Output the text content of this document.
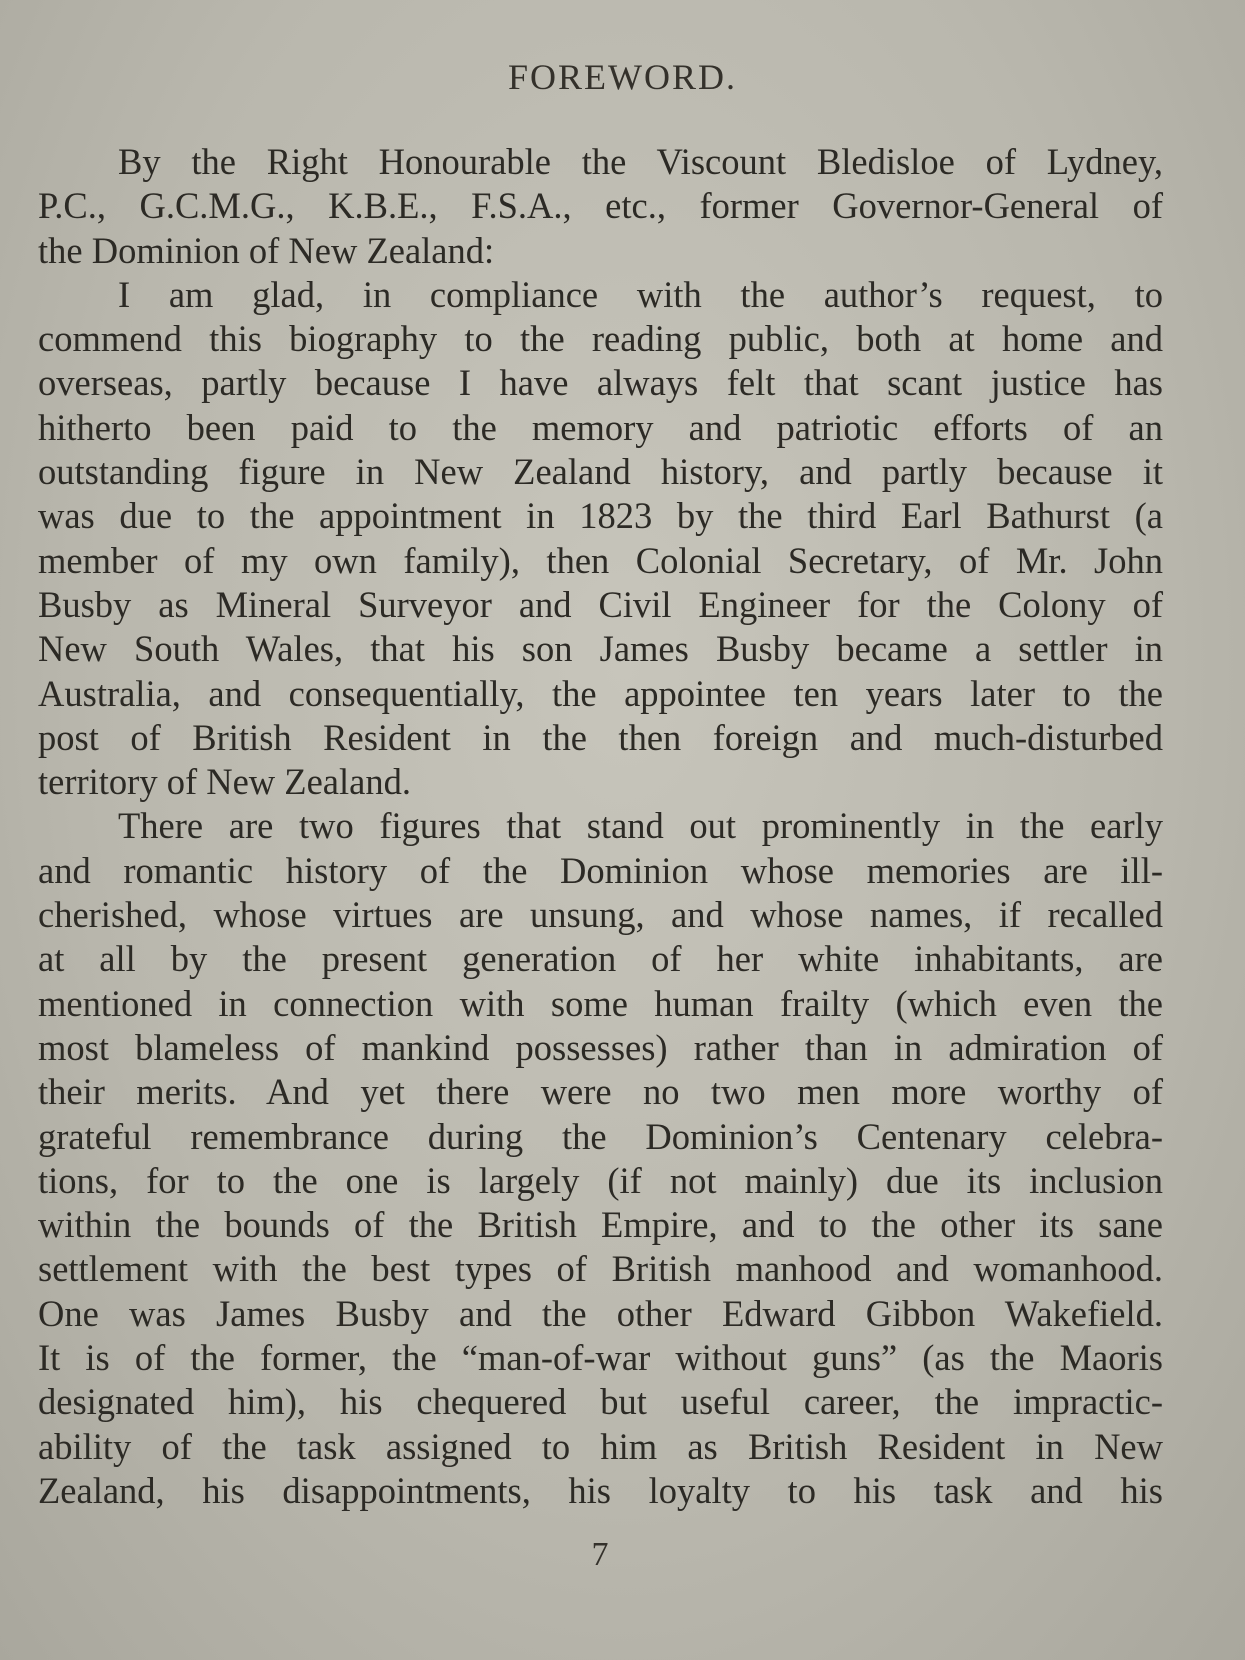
FOREWORD.
By the Right Honourable the Viscount Bledisloe of Lydney,
P.C., G.C.M.G., K.B.E., F.S.A., etc., former Governor-General of
the Dominion of New Zealand:
I am glad, in compliance with the author’s request, to
commend this biography to the reading public, both at home and
overseas, partly because I have always felt that scant justice has
hitherto been paid to the memory and patriotic efforts of an
outstanding figure in New Zealand history, and partly because it
was due to the appointment in 1823 by the third Earl Bathurst (a
member of my own family), then Colonial Secretary, of Mr. John
Busby as Mineral Surveyor and Civil Engineer for the Colony of
New South Wales, that his son James Busby became a settler in
Australia, and consequentially, the appointee ten years later to the
post of British Resident in the then foreign and much-disturbed
territory of New Zealand.
There are two figures that stand out prominently in the early
and romantic history of the Dominion whose memories are ill-
cherished, whose virtues are unsung, and whose names, if recalled
at all by the present generation of her white inhabitants, are
mentioned in connection with some human frailty (which even the
most blameless of mankind possesses) rather than in admiration of
their merits. And yet there were no two men more worthy of
grateful remembrance during the Dominion’s Centenary celebra-
tions, for to the one is largely (if not mainly) due its inclusion
within the bounds of the British Empire, and to the other its sane
settlement with the best types of British manhood and womanhood.
One was James Busby and the other Edward Gibbon Wakefield.
It is of the former, the “man-of-war without guns” (as the Maoris
designated him), his chequered but useful career, the impractic-
ability of the task assigned to him as British Resident in New
Zealand, his disappointments, his loyalty to his task and his
7
